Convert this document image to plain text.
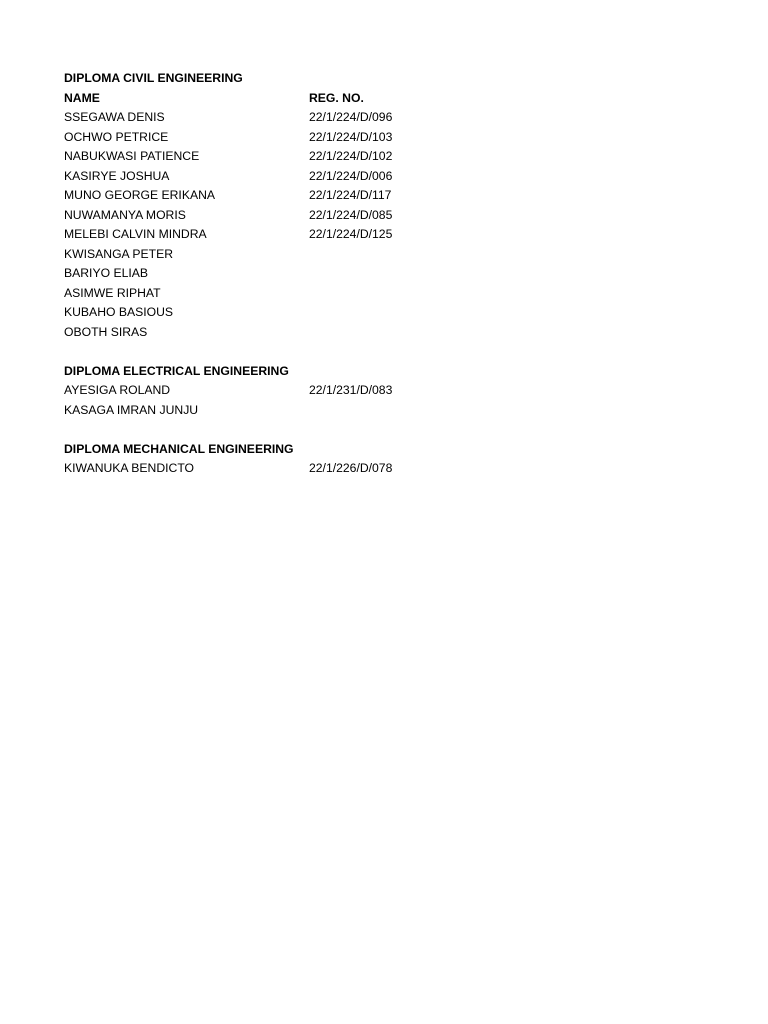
DIPLOMA CIVIL ENGINEERING
NAME	REG. NO.
SSEGAWA DENIS	22/1/224/D/096
OCHWO PETRICE	22/1/224/D/103
NABUKWASI PATIENCE	22/1/224/D/102
KASIRYE JOSHUA	22/1/224/D/006
MUNO GEORGE ERIKANA	22/1/224/D/117
NUWAMANYA MORIS	22/1/224/D/085
MELEBI CALVIN MINDRA	22/1/224/D/125
KWISANGA PETER
BARIYO ELIAB
ASIMWE RIPHAT
KUBAHO BASIOUS
OBOTH SIRAS
DIPLOMA ELECTRICAL ENGINEERING
AYESIGA ROLAND	22/1/231/D/083
KASAGA IMRAN JUNJU
DIPLOMA MECHANICAL ENGINEERING
KIWANUKA BENDICTO	22/1/226/D/078
